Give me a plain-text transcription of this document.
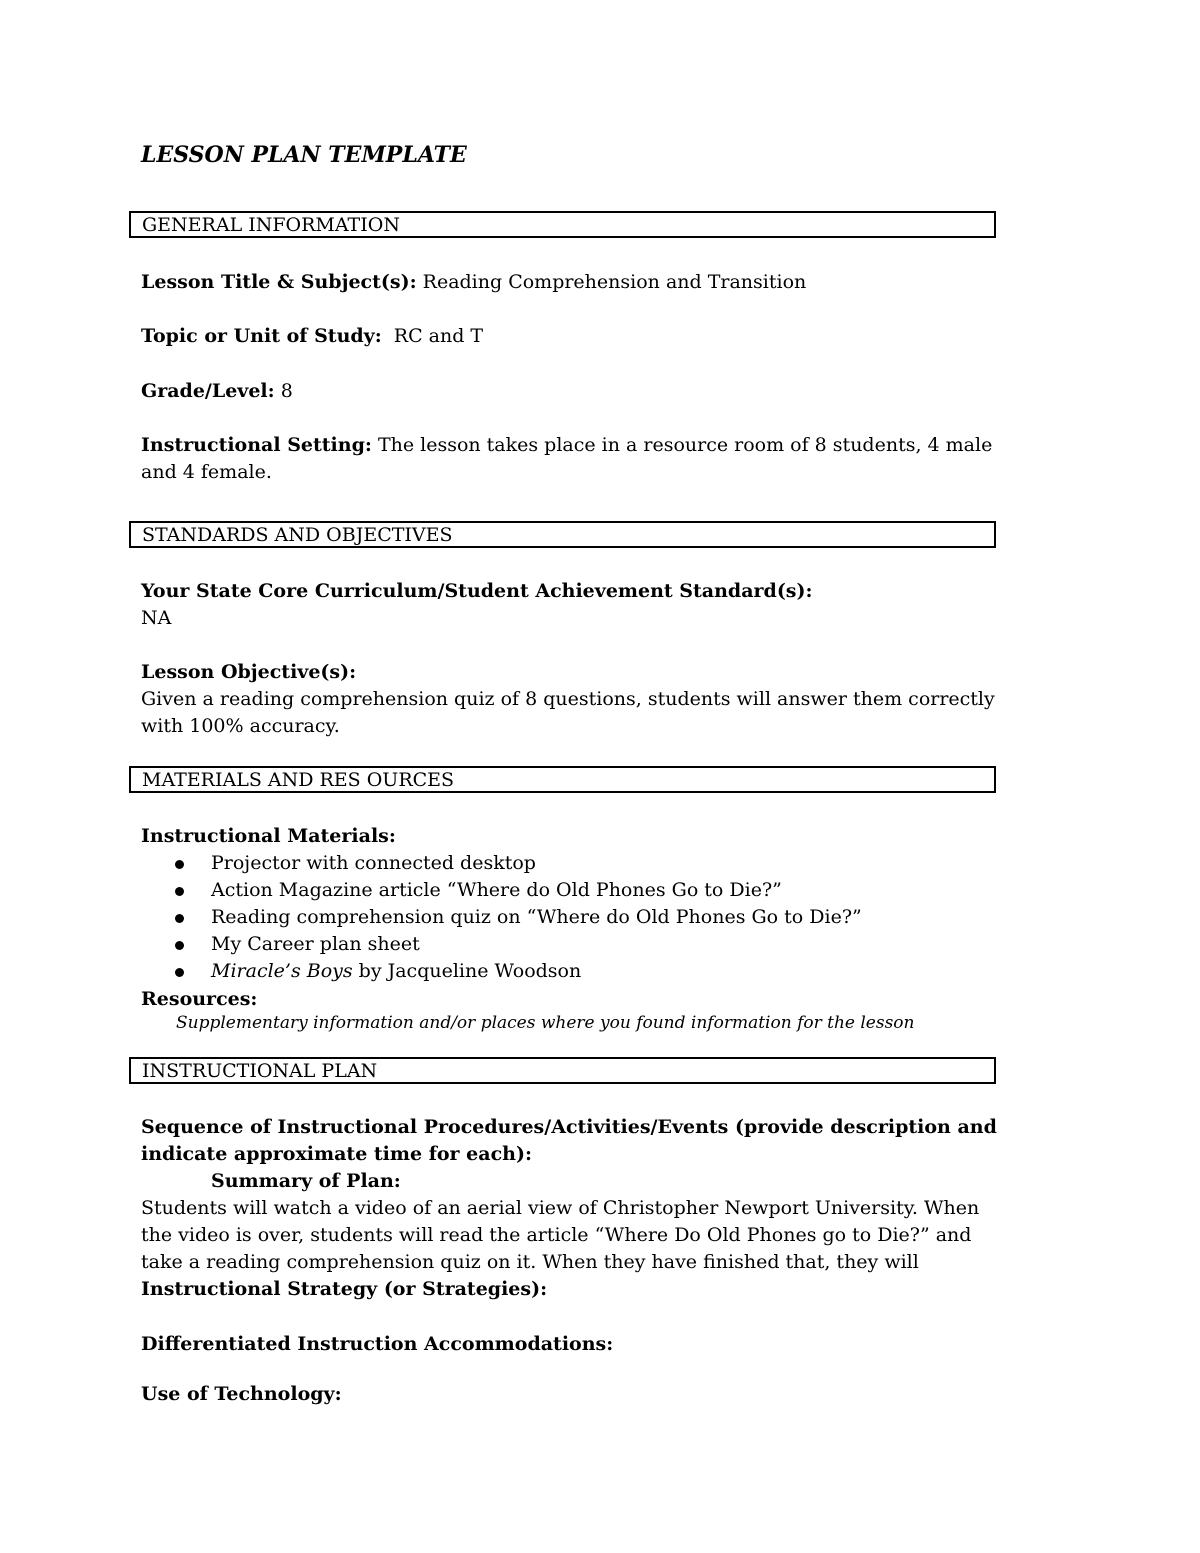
LESSON PLAN TEMPLATE
GENERAL INFORMATION
Lesson Title & Subject(s): Reading Comprehension and Transition
Topic or Unit of Study: RC and T
Grade/Level: 8
Instructional Setting: The lesson takes place in a resource room of 8 students, 4 male and 4 female.
STANDARDS AND OBJECTIVES
Your State Core Curriculum/Student Achievement Standard(s):
NA
Lesson Objective(s):
Given a reading comprehension quiz of 8 questions, students will answer them correctly with 100% accuracy.
MATERIALS AND RES OURCES
Instructional Materials:
Projector with connected desktop
Action Magazine article “Where do Old Phones Go to Die?”
Reading comprehension quiz on “Where do Old Phones Go to Die?”
My Career plan sheet
Miracle’s Boys by Jacqueline Woodson
Resources:
Supplementary information and/or places where you found information for the lesson
INSTRUCTIONAL PLAN
Sequence of Instructional Procedures/Activities/Events (provide description and indicate approximate time for each):
Summary of Plan:
Students will watch a video of an aerial view of Christopher Newport University. When the video is over, students will read the article “Where Do Old Phones go to Die?” and take a reading comprehension quiz on it. When they have finished that, they will
Instructional Strategy (or Strategies):
Differentiated Instruction Accommodations:
Use of Technology:
